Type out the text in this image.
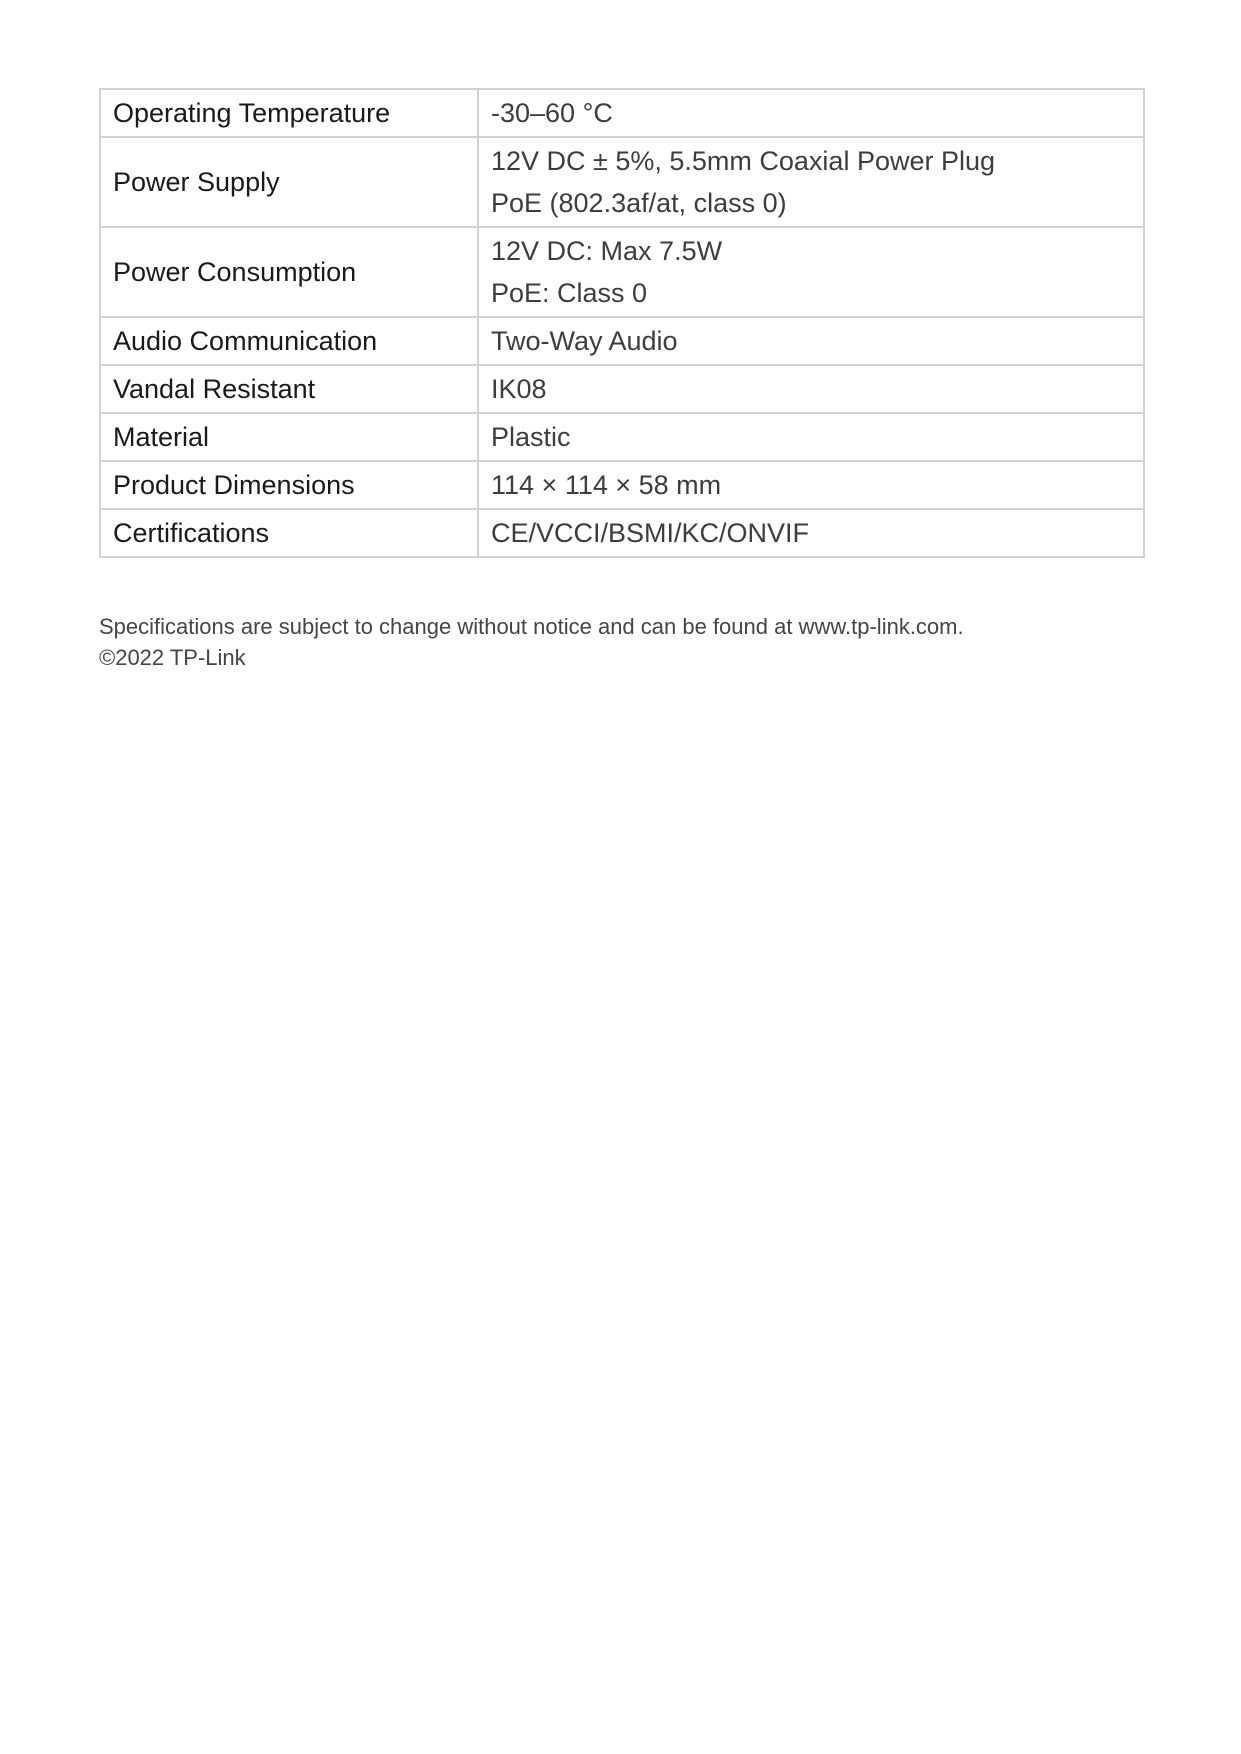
Operating Temperature	-30–60 °C

Power Supply	12V DC ± 5%, 5.5mm Coaxial Power Plug
PoE (802.3af/at, class 0)

Power Consumption	12V DC: Max 7.5W
PoE: Class 0

Audio Communication	Two-Way Audio

Vandal Resistant	IK08

Material	Plastic

Product Dimensions	114 × 114 × 58 mm

Certifications	CE/VCCI/BSMI/KC/ONVIF
Specifications are subject to change without notice and can be found at www.tp-link.com.
©2022 TP-Link
